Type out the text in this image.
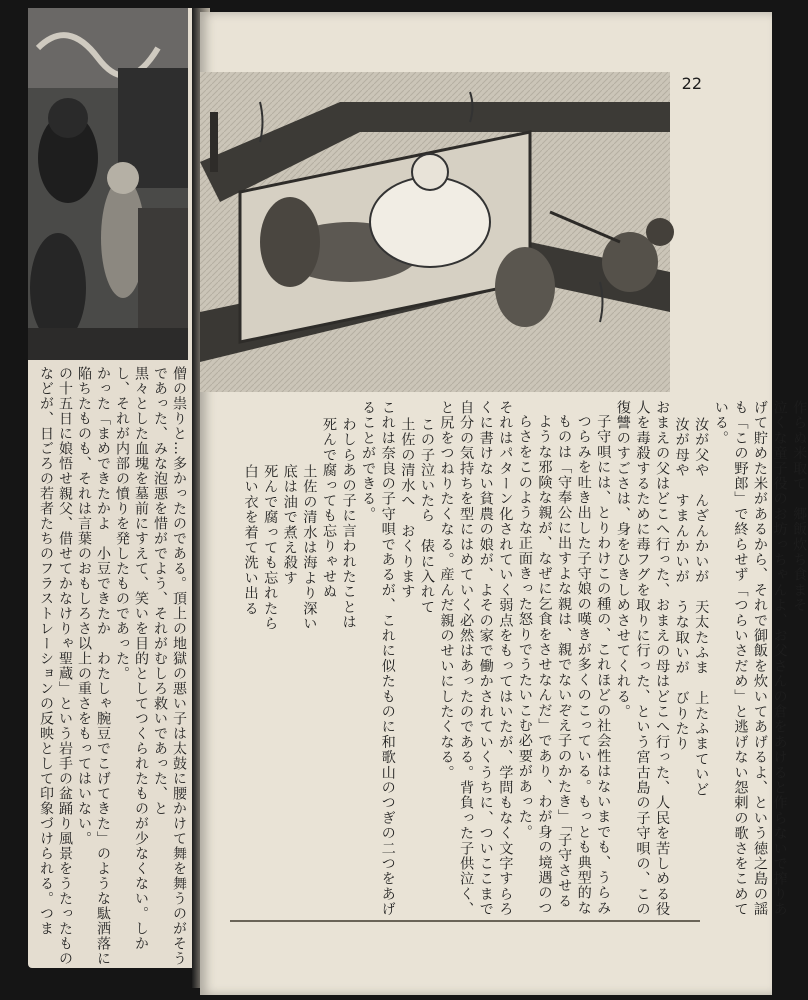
僧の祟りと…多かったのである。頂上の地獄の悪い子は太鼓に腰かけて舞を舞うのがそうであった、みな泡悪を惜がでよう、それがむしろ救いであった、と

黒々とした血塊を墓前にすえて、笑いを目的としてつくられたものが少なくない。しかし、それが内部の憤りを発したものであった。

かった「まめできたかよ　小豆できたか　わたしゃ腕豆でこげてきた」のような駄洒落に陥ちたものも、それは言葉のおもしろさ以上の重さをもってはいない。

の十五日に娘悟せ親父、借せてかなけりゃ聖蔵」という岩手の盆踊り風景をうたったものなどが、日ごろの若者たちのフラストレーションの反映として印象づけられる。つま

22

作らぬ米取て　郷飯炊ち食まそ

泣くな童子役のお坊っちゃんよ、お父さんの倉をあけると作らないで搾りあげて貯めた米があるから、それで御飯を炊いてあげるよ、という徳之島の謡も「この野郎」で終らせず「つらいさだめ」と逃げない怨剌の歌さをこめている。

汝が父や　んざんかいが　天太たふま　上たふまていど

汝が母や　すまんかいが　うな取いが　びりたり

おまえの父はどこへ行った、おまえの母はどこへ行った、人民を苦しめる役人を毒殺するために毒フグを取りに行った、という宮古島の子守唄の、この復讐のすごさは、身をひきしめさせてくれる。

子守唄には、とりわけこの種の、これほどの社会性はないまでも、うらみつらみを吐き出した子守娘の嘆きが多くのこっている。もっとも典型的なものは「守奉公に出すよな親は、親でないぞえ子のかたき」「子守させるような邪険な親が、なぜに乞食をさせなんだ」であり、わが身の境遇のつらさをこのような正面きった怒りでうたいこむ必要があった。

それはパターン化されていく弱点をもってはいたが、学問もなく文字すらろくに書けない貧農の娘が、よその家で働かされていくうちに、ついここまで自分の気持ちを型にはめていく必然はあったのである。背負った子供泣く、と尻をつねりたくなる。産んだ親のせいにしたくなる。

この子泣いたら　俵に入れて

土佐の清水へ　おくります

これは奈良の子守唄であるが、これに似たものに和歌山のつぎの二つをあげることができる。

わしらあの子に言われたことは

死んで腐っても忘りゃせぬ

土佐の清水は海より深い

底は油で煮え殺す

死んで腐っても忘れたら

白い衣を着て洗い出る
